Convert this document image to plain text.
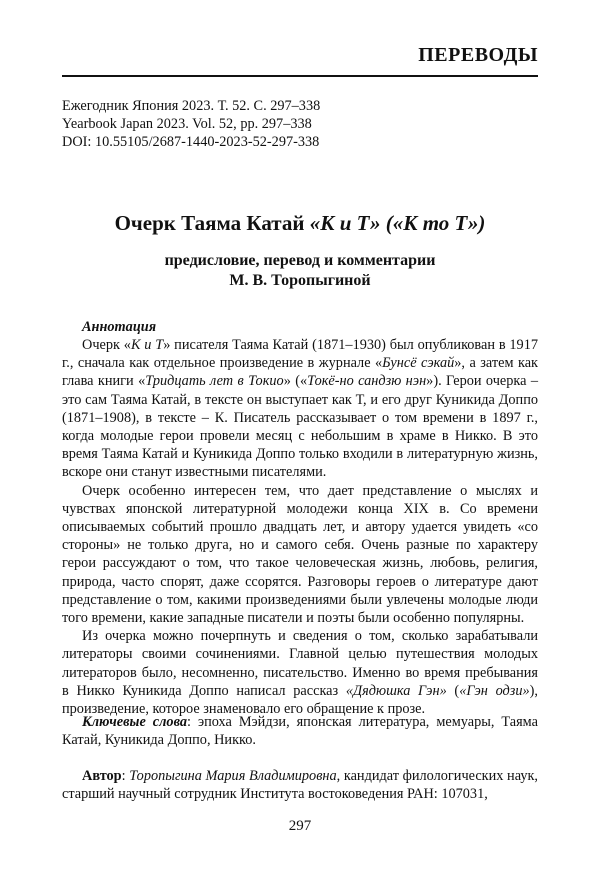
ПЕРЕВОДЫ
Ежегодник Япония 2023. Т. 52. С. 297–338
Yearbook Japan 2023. Vol. 52, pp. 297–338
DOI: 10.55105/2687-1440-2023-52-297-338
Очерк Таяма Катай «К и Т» («К то Т»)
предисловие, перевод и комментарии
М. В. Торопыгиной
Аннотация

Очерк «К и Т» писателя Таяма Катай (1871–1930) был опубликован в 1917 г., сначала как отдельное произведение в журнале «Бунсё сэкай», а затем как глава книги «Тридцать лет в Токио» («Токё-но сандзю нэн»). Герои очерка – это сам Таяма Катай, в тексте он выступает как Т, и его друг Куникида Доппо (1871–1908), в тексте – К. Писатель рассказывает о том времени в 1897 г., когда молодые герои провели месяц с небольшим в храме в Никко. В это время Таяма Катай и Куникида Доппо только входили в литературную жизнь, вскоре они станут известными писателями.

Очерк особенно интересен тем, что дает представление о мыслях и чувствах японской литературной молодежи конца XIX в. Со времени описываемых событий прошло двадцать лет, и автору удается увидеть «со стороны» не только друга, но и самого себя. Очень разные по характеру герои рассуждают о том, что такое человеческая жизнь, любовь, религия, природа, часто спорят, даже ссорятся. Разговоры героев о литературе дают представление о том, какими произведениями были увлечены молодые люди того времени, какие западные писатели и поэты были особенно популярны.

Из очерка можно почерпнуть и сведения о том, сколько зарабатывали литераторы своими сочинениями. Главной целью путешествия молодых литераторов было, несомненно, писательство. Именно во время пребывания в Никко Куникида Доппо написал рассказ «Дядюшка Гэн» («Гэн одзи»), произведение, которое знаменовало его обращение к прозе.

Ключевые слова: эпоха Мэйдзи, японская литература, мемуары, Таяма Катай, Куникида Доппо, Никко.

Автор: Торопыгина Мария Владимировна, кандидат филологических наук, старший научный сотрудник Института востоковедения РАН: 107031,

297
